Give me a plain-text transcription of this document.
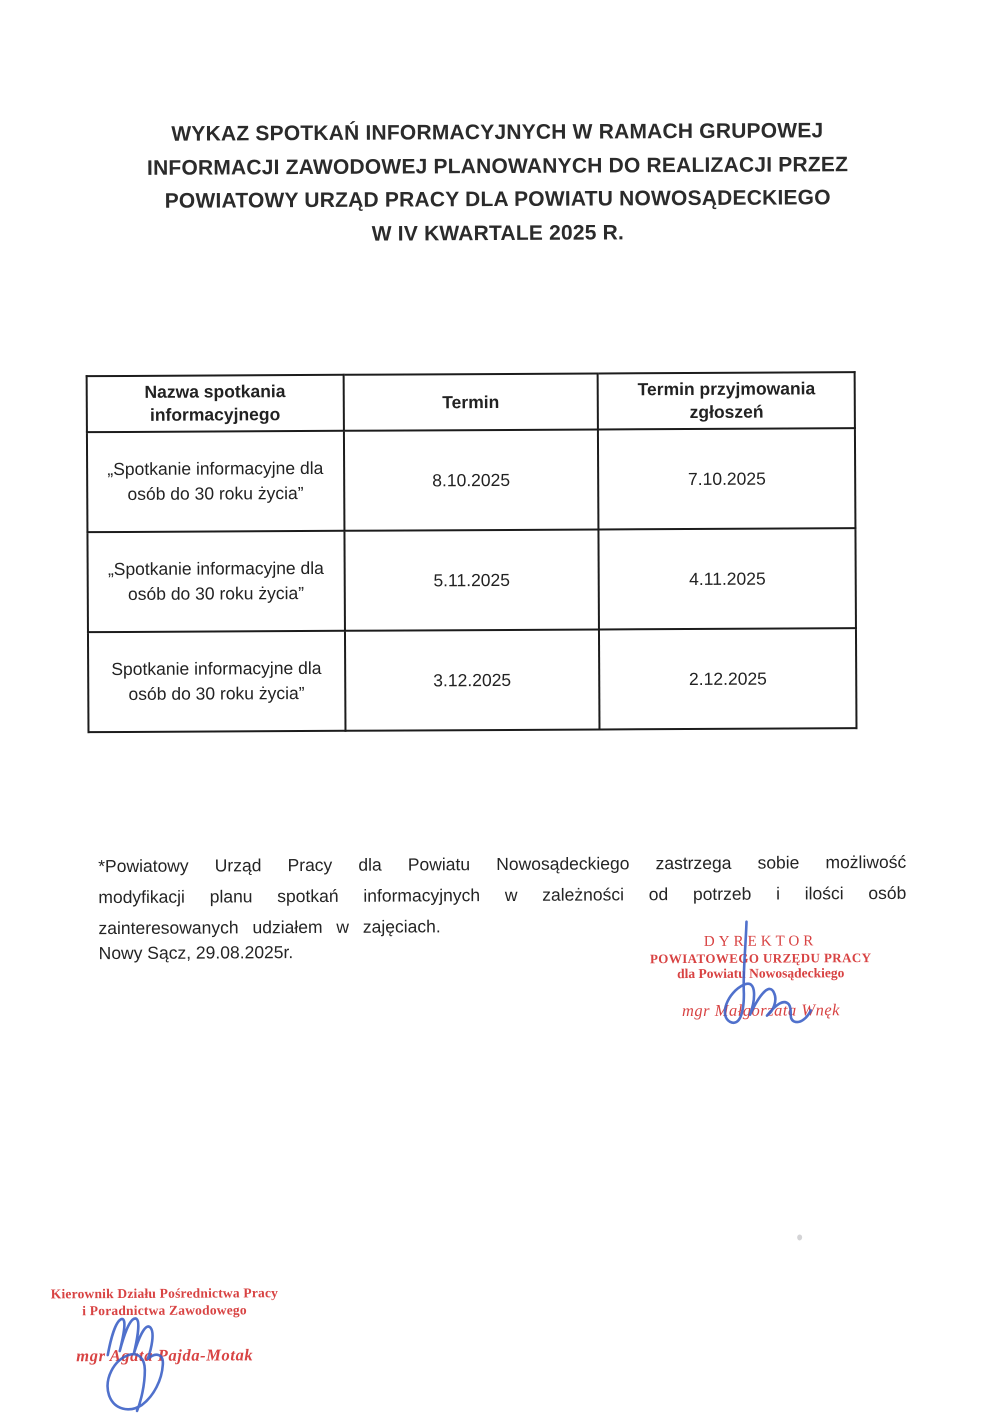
WYKAZ SPOTKAŃ INFORMACYJNYCH W RAMACH GRUPOWEJ
INFORMACJI ZAWODOWEJ PLANOWANYCH DO REALIZACJI PRZEZ
POWIATOWY URZĄD PRACY DLA POWIATU NOWOSĄDECKIEGO
W IV KWARTALE 2025 R.
Nazwa spotkania informacyjnego	Termin	Termin przyjmowania zgłoszeń
„Spotkanie informacyjne dla osób do 30 roku życia”	8.10.2025	7.10.2025
„Spotkanie informacyjne dla osób do 30 roku życia”	5.11.2025	4.11.2025
Spotkanie informacyjne dla osób do 30 roku życia”	3.12.2025	2.12.2025

*Powiatowy Urząd Pracy dla Powiatu Nowosądeckiego zastrzega sobie możliwość modyfikacji planu spotkań informacyjnych w zależności od potrzeb i ilości osób zainteresowanych udziałem w zajęciach.

Nowy Sącz, 29.08.2025r.
DYREKTOR
POWIATOWEGO URZĘDU PRACY
dla Powiatu Nowosądeckiego
mgr Małgorzata Wnęk
Kierownik Działu Pośrednictwa Pracy
i Poradnictwa Zawodowego
mgr Agata Pajda-Motak
